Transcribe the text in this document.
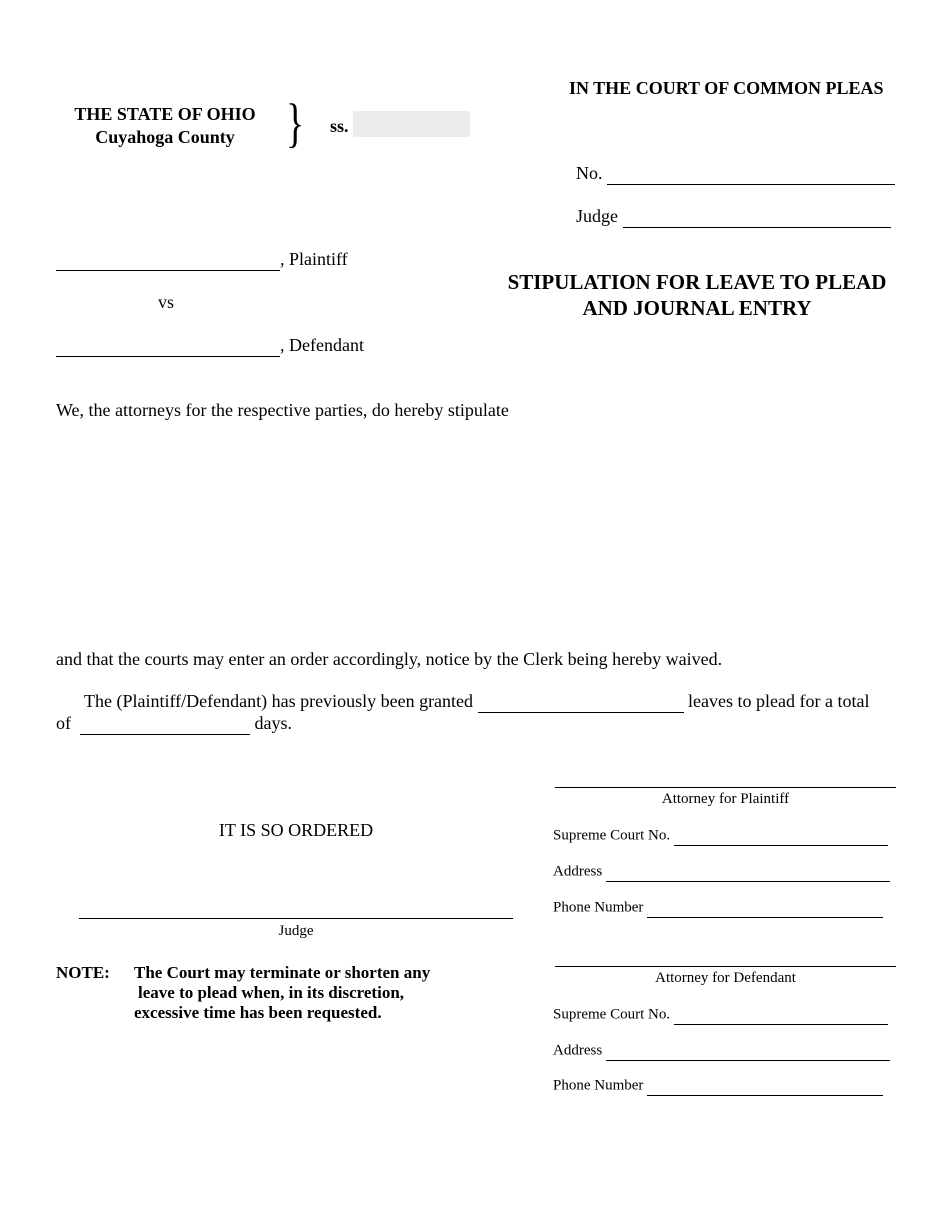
IN THE COURT OF COMMON PLEAS
THE STATE OF OHIO
Cuyahoga County } ss.
No.
Judge
, Plaintiff
vs
, Defendant
STIPULATION FOR LEAVE TO PLEAD
AND JOURNAL ENTRY
We, the attorneys for the respective parties, do hereby stipulate
and that the courts may enter an order accordingly, notice by the Clerk being hereby waived.
The (Plaintiff/Defendant) has previously been granted	leaves to plead for a total
of	days.
IT IS SO ORDERED
Judge
NOTE: The Court may terminate or shorten any
leave to plead when, in its discretion,
excessive time has been requested.
Attorney for Plaintiff
Supreme Court No.
Address
Phone Number
Attorney for Defendant
Supreme Court No.
Address
Phone Number
